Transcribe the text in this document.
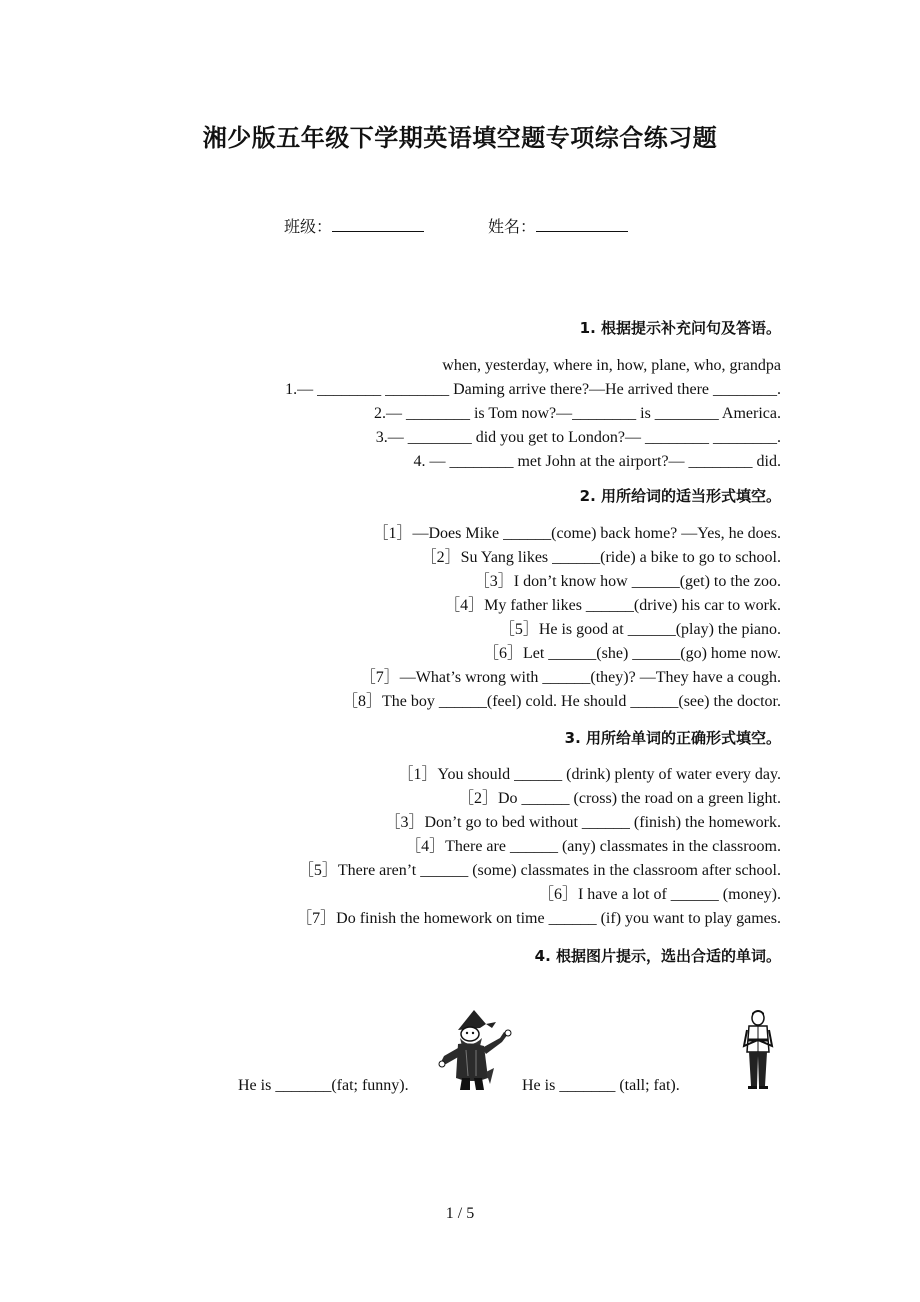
湘少版五年级下学期英语填空题专项综合练习题
班级：	姓名：
1. 根据提示补充问句及答语。
when, yesterday, where in, how, plane, who, grandpa
1.— ________ ________ Daming arrive there?—He arrived there ________.
2.— ________ is Tom now?—________ is ________ America.
3.— ________ did you get to London?— ________ ________.
4. — ________ met John at the airport?— ________ did.
2. 用所给词的适当形式填空。
［1］—Does Mike ______(come) back home? —Yes, he does.
［2］Su Yang likes ______(ride) a bike to go to school.
［3］I don’t know how ______(get) to the zoo.
［4］My father likes ______(drive) his car to work.
［5］He is good at ______(play) the piano.
［6］Let ______(she) ______(go) home now.
［7］—What’s wrong with ______(they)? —They have a cough.
［8］The boy ______(feel) cold. He should ______(see) the doctor.
3. 用所给单词的正确形式填空。
［1］You should ______ (drink) plenty of water every day.
［2］Do ______ (cross) the road on a green light.
［3］Don’t go to bed without ______ (finish) the homework.
［4］There are ______ (any) classmates in the classroom.
［5］There aren’t ______ (some) classmates in the classroom after school.
［6］I have a lot of ______ (money).
［7］Do finish the homework on time ______ (if) you want to play games.
4. 根据图片提示，选出合适的单词。
He is _______(fat; funny).	He is _______ (tall; fat).
1 / 5
